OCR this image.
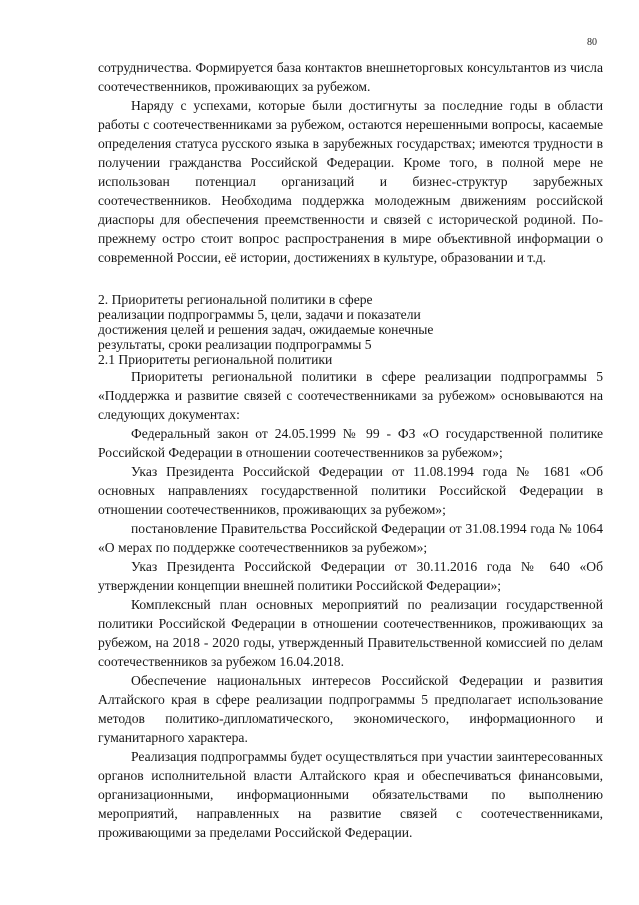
80

сотрудничества. Формируется база контактов внешнеторговых консультантов из числа соотечественников, проживающих за рубежом.

Наряду с успехами, которые были достигнуты за последние годы в области работы с соотечественниками за рубежом, остаются нерешенными вопросы, касаемые определения статуса русского языка в зарубежных государствах; имеются трудности в получении гражданства Российской Федерации. Кроме того, в полной мере не использован потенциал организаций и бизнес-структур зарубежных соотечественников. Необходима поддержка молодежным движениям российской диаспоры для обеспечения преемственности и связей с исторической родиной. По-прежнему остро стоит вопрос распространения в мире объективной информации о современной России, её истории, достижениях в культуре, образовании и т.д.

2. Приоритеты региональной политики в сфере

реализации подпрограммы 5, цели, задачи и показатели

достижения целей и решения задач, ожидаемые конечные

результаты, сроки реализации подпрограммы 5

2.1 Приоритеты региональной политики

Приоритеты региональной политики в сфере реализации подпрограммы 5 «Поддержка и развитие связей с соотечественниками за рубежом» основываются на следующих документах:

Федеральный закон от 24.05.1999 № 99 - ФЗ «О государственной политике Российской Федерации в отношении соотечественников за рубежом»;

Указ Президента Российской Федерации от 11.08.1994 года № 1681 «Об основных направлениях государственной политики Российской Федерации в отношении соотечественников, проживающих за рубежом»;

постановление Правительства Российской Федерации от 31.08.1994 года № 1064 «О мерах по поддержке соотечественников за рубежом»;

Указ Президента Российской Федерации от 30.11.2016 года № 640 «Об утверждении концепции внешней политики Российской Федерации»;

Комплексный план основных мероприятий по реализации государственной политики Российской Федерации в отношении соотечественников, проживающих за рубежом, на 2018 - 2020 годы, утвержденный Правительственной комиссией по делам соотечественников за рубежом 16.04.2018.

Обеспечение национальных интересов Российской Федерации и развития Алтайского края в сфере реализации подпрограммы 5 предполагает использование методов политико-дипломатического, экономического, информационного и гуманитарного характера.

Реализация подпрограммы будет осуществляться при участии заинтересованных органов исполнительной власти Алтайского края и обеспечиваться финансовыми, организационными, информационными обязательствами по выполнению мероприятий, направленных на развитие связей с соотечественниками, проживающими за пределами Российской Федерации.
